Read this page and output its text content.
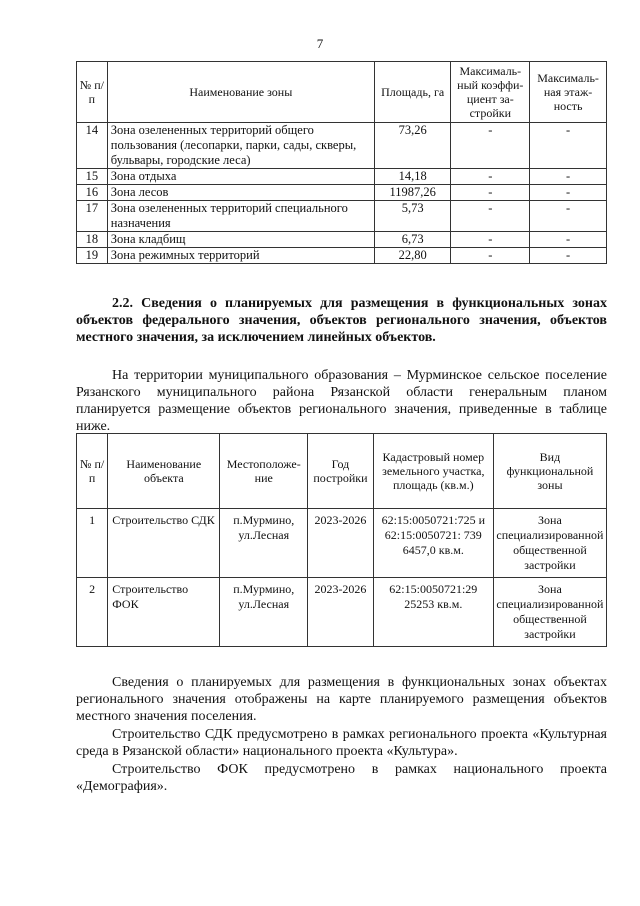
7
№ п/п	Наименование зоны	Площадь, га	Максималь-ный коэффи-циент за-стройки	Максималь-ная этаж-ность
14	Зона озелененных территорий общего пользования (лесопарки, парки, сады, скверы, бульвары, городские леса)	73,26	-	-
15	Зона отдыха	14,18	-	-
16	Зона лесов	11987,26	-	-
17	Зона озелененных территорий специального назначения	5,73	-	-
18	Зона кладбищ	6,73	-	-
19	Зона режимных территорий	22,80	-	-
2.2. Сведения о планируемых для размещения в функциональных зонах объектов федерального значения, объектов регионального значения, объектов местного значения, за исключением линейных объектов.

На территории муниципального образования – Мурминское сельское поселение Рязанского муниципального района Рязанской области генеральным планом планируется размещение объектов регионального значения, приведенные в таблице ниже.

№ п/п	Наименование объекта	Местоположе-ние	Год постройки	Кадастровый номер земельного участка, площадь (кв.м.)	Вид функциональной зоны
1	Строительство СДК	п.Мурмино, ул.Лесная	2023-2026	62:15:0050721:725 и 62:15:0050721: 739 6457,0 кв.м.	Зона специализированной общественной застройки
2	Строительство ФОК	п.Мурмино, ул.Лесная	2023-2026	62:15:0050721:29 25253 кв.м.	Зона специализированной общественной застройки

Сведения о планируемых для размещения в функциональных зонах объектах регионального значения отображены на карте планируемого размещения объектов местного значения поселения.

Строительство СДК предусмотрено в рамках регионального проекта «Культурная среда в Рязанской области» национального проекта «Культура».

Строительство ФОК предусмотрено в рамках национального проекта «Демография».
